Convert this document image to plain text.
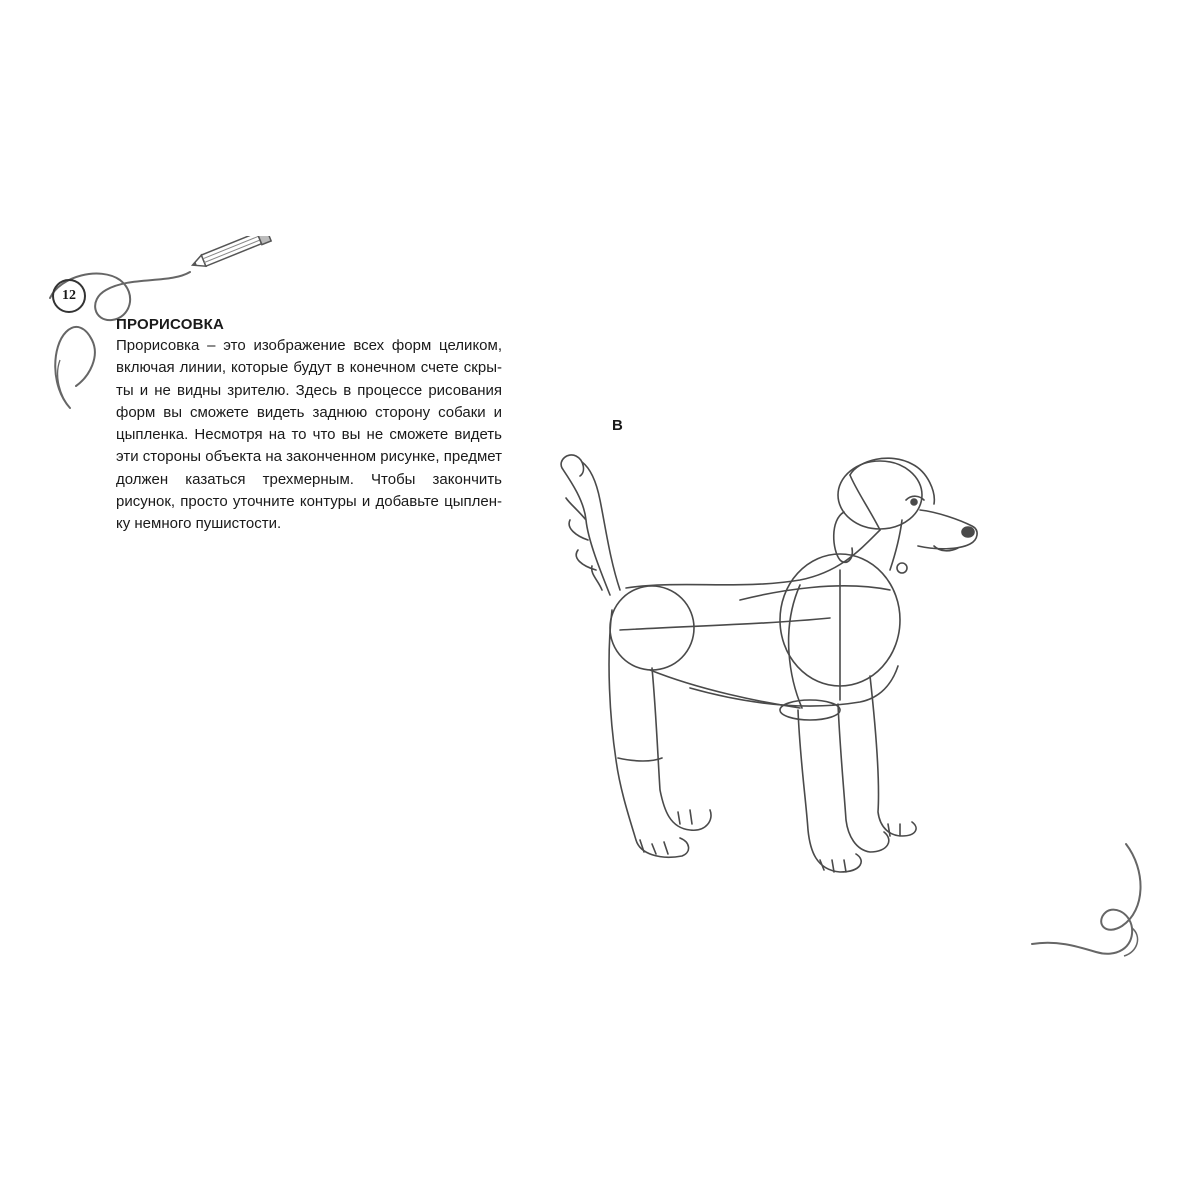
12
ПРОРИСОВКА

Прорисовка – это изображение всех форм целиком, включая линии, которые будут в конечном счете скрыты и не видны зрителю. Здесь в процессе рисования форм вы сможете видеть заднюю сторону собаки и цыпленка. Несмотря на то что вы не сможете видеть эти стороны объекта на законченном рисунке, предмет должен казаться трехмерным. Чтобы закончить рисунок, просто уточните контуры и добавьте цыпленку немного пушистости.

В
